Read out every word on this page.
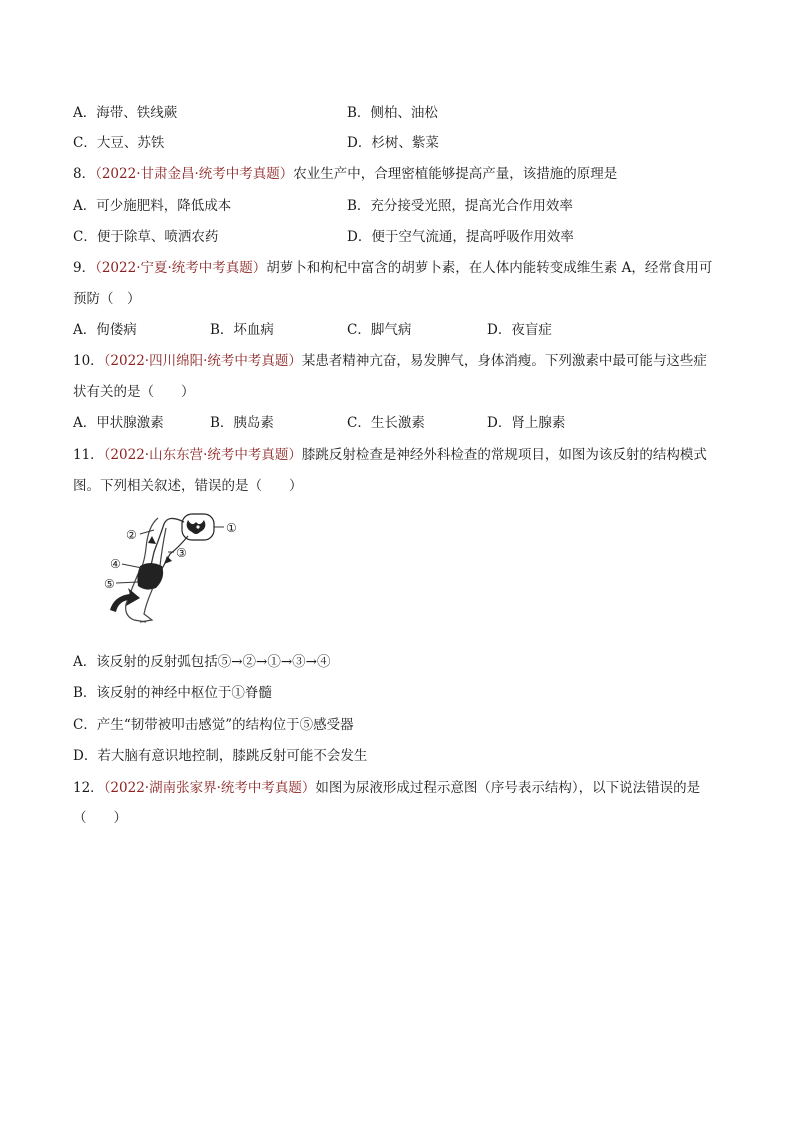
A．海带、铁线蕨	B．侧柏、油松
C．大豆、苏铁	D．杉树、紫菜
8．（2022·甘肃金昌·统考中考真题）农业生产中，合理密植能够提高产量，该措施的原理是
A．可少施肥料，降低成本	B．充分接受光照，提高光合作用效率
C．便于除草、喷洒农药	D．便于空气流通，提高呼吸作用效率
9．（2022·宁夏·统考中考真题）胡萝卜和枸杞中富含的胡萝卜素，在人体内能转变成维生素 A，经常食用可
预防（　）
A．佝偻病	B．坏血病	C．脚气病	D．夜盲症
10．（2022·四川绵阳·统考中考真题）某患者精神亢奋，易发脾气，身体消瘦。下列激素中最可能与这些症
状有关的是（　　）
A．甲状腺激素	B．胰岛素	C．生长激素	D．肾上腺素
11．（2022·山东东营·统考中考真题）膝跳反射检查是神经外科检查的常规项目，如图为该反射的结构模式
图。下列相关叙述，错误的是（　　）
①
②
③
④
⑤
A．该反射的反射弧包括⑤→②→①→③→④
B．该反射的神经中枢位于①脊髓
C．产生“韧带被叩击感觉”的结构位于⑤感受器
D．若大脑有意识地控制，膝跳反射可能不会发生
12．（2022·湖南张家界·统考中考真题）如图为尿液形成过程示意图（序号表示结构），以下说法错误的是
（　　）
